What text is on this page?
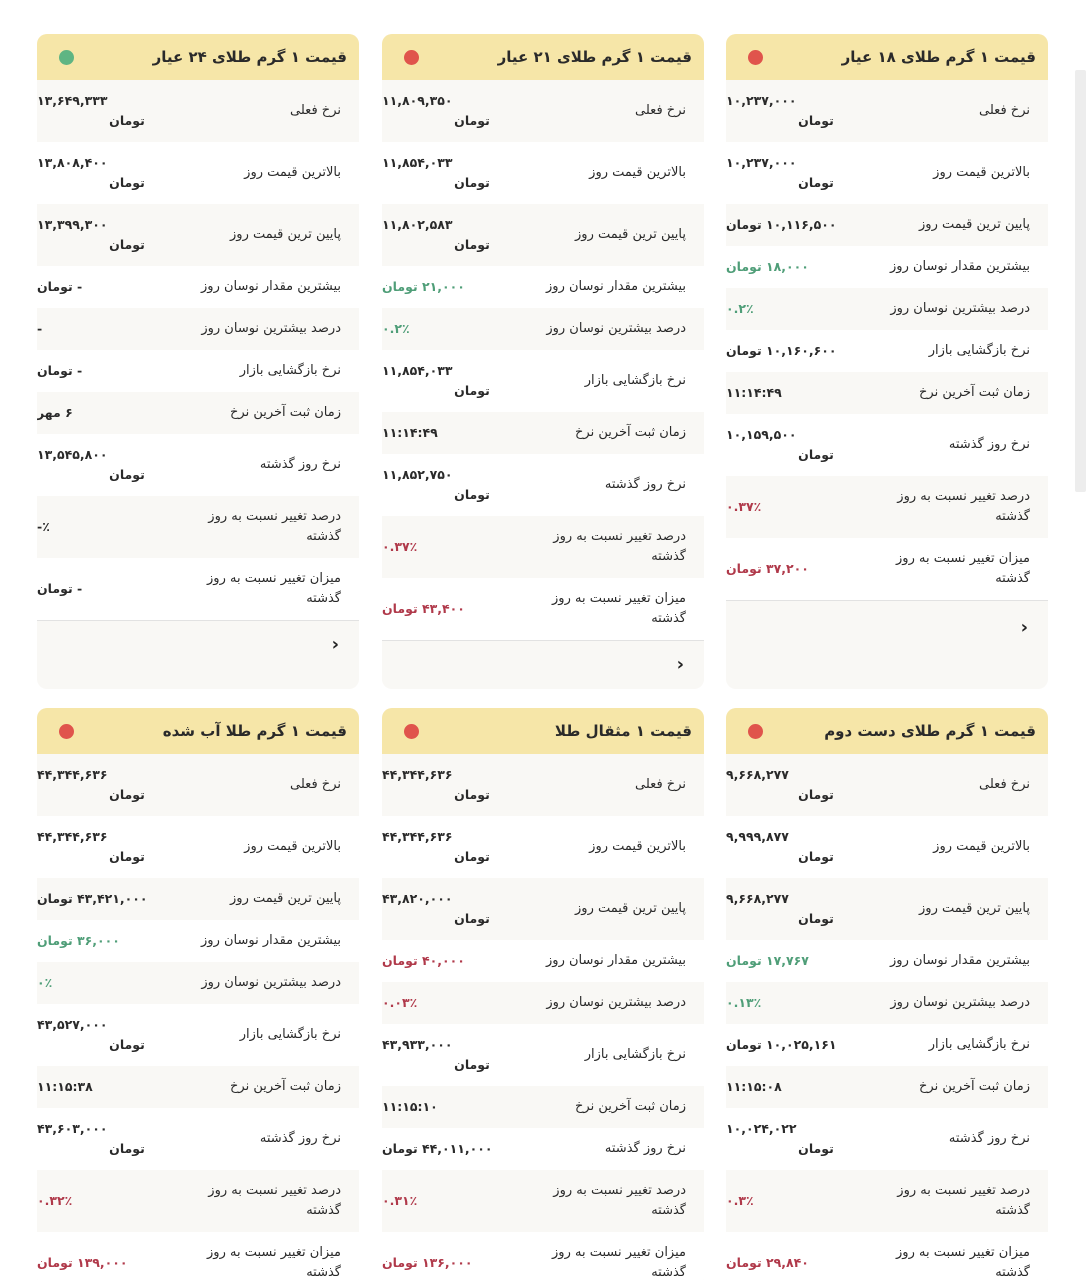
قیمت ۱ گرم طلای ۱۸ عیار
نرخ فعلی
۱۰,۲۳۷,۰۰۰
تومان
بالاترین قیمت روز
۱۰,۲۳۷,۰۰۰
تومان
پایین ترین قیمت روز
۱۰,۱۱۶,۵۰۰ تومان
بیشترین مقدار نوسان روز
۱۸,۰۰۰ تومان
درصد بیشترین نوسان روز
۰.۲٪
نرخ بازگشایی بازار
۱۰,۱۶۰,۶۰۰ تومان
زمان ثبت آخرین نرخ
۱۱:۱۴:۴۹
نرخ روز گذشته
۱۰,۱۵۹,۵۰۰
تومان
درصد تغییر نسبت به روز گذشته
۰.۳۷٪
میزان تغییر نسبت به روز گذشته
۳۷,۲۰۰ تومان
‹
قیمت ۱ گرم طلای ۲۱ عیار
نرخ فعلی
۱۱,۸۰۹,۳۵۰
تومان
بالاترین قیمت روز
۱۱,۸۵۴,۰۳۳
تومان
پایین ترین قیمت روز
۱۱,۸۰۲,۵۸۳
تومان
بیشترین مقدار نوسان روز
۲۱,۰۰۰ تومان
درصد بیشترین نوسان روز
۰.۲٪
نرخ بازگشایی بازار
۱۱,۸۵۴,۰۳۳
تومان
زمان ثبت آخرین نرخ
۱۱:۱۴:۴۹
نرخ روز گذشته
۱۱,۸۵۲,۷۵۰
تومان
درصد تغییر نسبت به روز گذشته
۰.۳۷٪
میزان تغییر نسبت به روز گذشته
۴۳,۴۰۰ تومان
‹
قیمت ۱ گرم طلای ۲۴ عیار
نرخ فعلی
۱۳,۶۴۹,۳۳۳
تومان
بالاترین قیمت روز
۱۳,۸۰۸,۴۰۰
تومان
پایین ترین قیمت روز
۱۳,۳۹۹,۳۰۰
تومان
بیشترین مقدار نوسان روز
- تومان
درصد بیشترین نوسان روز
-
نرخ بازگشایی بازار
- تومان
زمان ثبت آخرین نرخ
۶ مهر
نرخ روز گذشته
۱۳,۵۴۵,۸۰۰
تومان
درصد تغییر نسبت به روز گذشته
٪-
میزان تغییر نسبت به روز گذشته
- تومان
‹
قیمت ۱ گرم طلای دست دوم
نرخ فعلی
۹,۶۶۸,۲۷۷
تومان
بالاترین قیمت روز
۹,۹۹۹,۸۷۷
تومان
پایین ترین قیمت روز
۹,۶۶۸,۲۷۷
تومان
بیشترین مقدار نوسان روز
۱۷,۷۶۷ تومان
درصد بیشترین نوسان روز
۰.۱۳٪
نرخ بازگشایی بازار
۱۰,۰۲۵,۱۶۱ تومان
زمان ثبت آخرین نرخ
۱۱:۱۵:۰۸
نرخ روز گذشته
۱۰,۰۲۴,۰۲۲
تومان
درصد تغییر نسبت به روز گذشته
۰.۳٪
میزان تغییر نسبت به روز گذشته
۲۹,۸۴۰ تومان
قیمت ۱ مثقال طلا
نرخ فعلی
۴۴,۳۴۴,۶۳۶
تومان
بالاترین قیمت روز
۴۴,۳۴۴,۶۳۶
تومان
پایین ترین قیمت روز
۴۳,۸۲۰,۰۰۰
تومان
بیشترین مقدار نوسان روز
۴۰,۰۰۰ تومان
درصد بیشترین نوسان روز
۰.۰۳٪
نرخ بازگشایی بازار
۴۳,۹۳۳,۰۰۰
تومان
زمان ثبت آخرین نرخ
۱۱:۱۵:۱۰
نرخ روز گذشته
۴۴,۰۱۱,۰۰۰ تومان
درصد تغییر نسبت به روز گذشته
۰.۳۱٪
میزان تغییر نسبت به روز گذشته
۱۳۶,۰۰۰ تومان
قیمت ۱ گرم طلا آب شده
نرخ فعلی
۴۴,۳۴۴,۶۳۶
تومان
بالاترین قیمت روز
۴۴,۳۴۴,۶۳۶
تومان
پایین ترین قیمت روز
۴۳,۴۲۱,۰۰۰ تومان
بیشترین مقدار نوسان روز
۳۶,۰۰۰ تومان
درصد بیشترین نوسان روز
۰٪
نرخ بازگشایی بازار
۴۳,۵۲۷,۰۰۰
تومان
زمان ثبت آخرین نرخ
۱۱:۱۵:۳۸
نرخ روز گذشته
۴۳,۶۰۳,۰۰۰
تومان
درصد تغییر نسبت به روز گذشته
۰.۳۲٪
میزان تغییر نسبت به روز گذشته
۱۳۹,۰۰۰ تومان
